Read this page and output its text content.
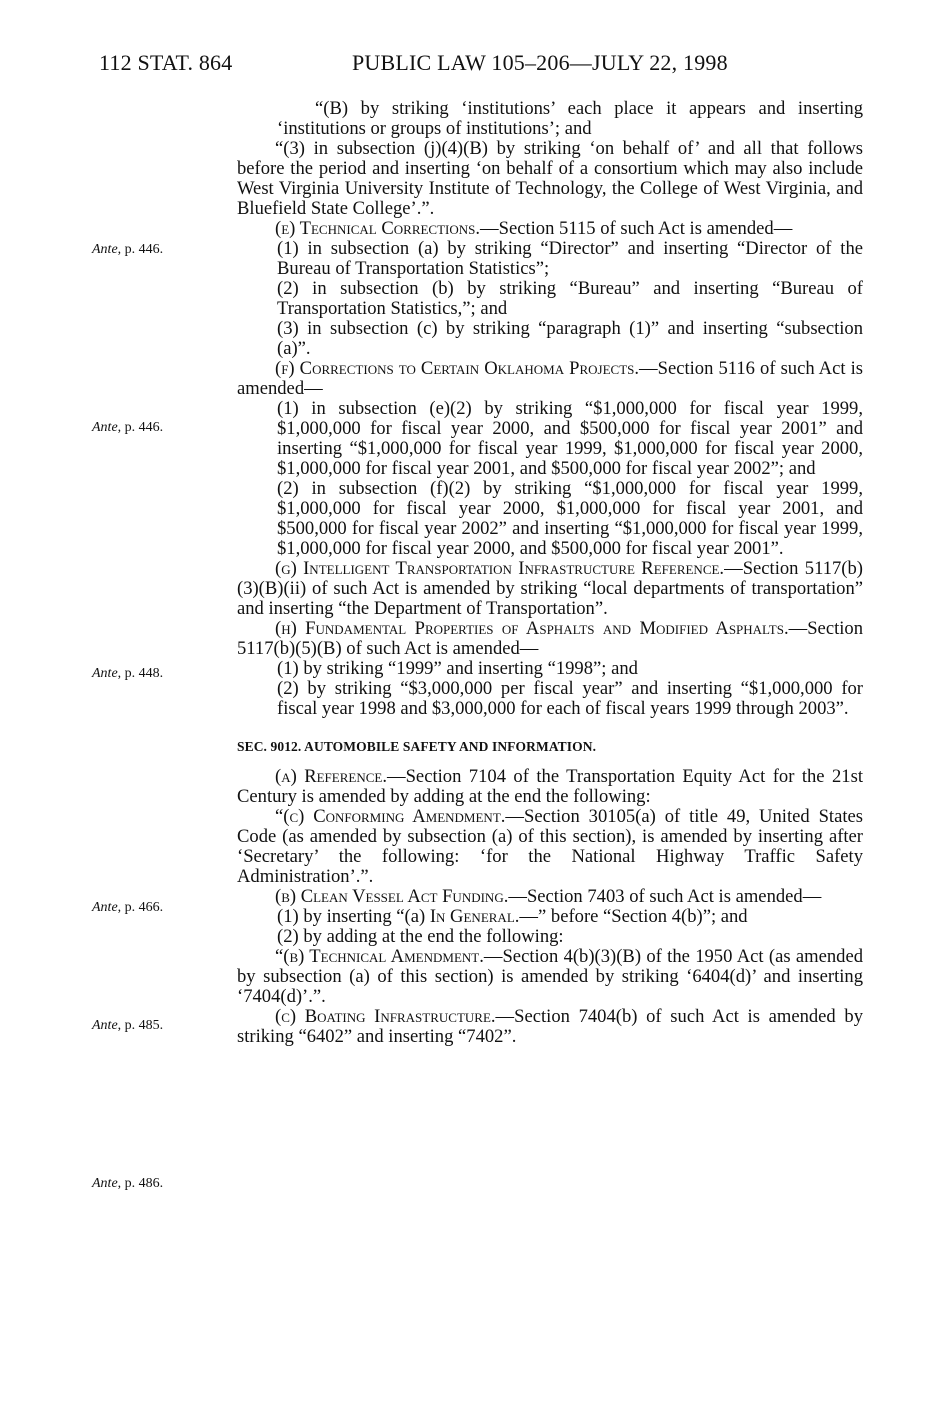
112 STAT. 864	PUBLIC LAW 105–206—JULY 22, 1998
Ante, p. 446.
Ante, p. 446.
Ante, p. 448.
Ante, p. 466.
Ante, p. 485.
Ante, p. 486.

“(B) by striking ‘institutions’ each place it appears and inserting ‘institutions or groups of institutions’; and

“(3) in subsection (j)(4)(B) by striking ‘on behalf of’ and all that follows before the period and inserting ‘on behalf of a consortium which may also include West Virginia University Institute of Technology, the College of West Virginia, and Bluefield State College’.”.

(e) Technical Corrections.—Section 5115 of such Act is amended—

(1) in subsection (a) by striking “Director” and inserting “Director of the Bureau of Transportation Statistics”;

(2) in subsection (b) by striking “Bureau” and inserting “Bureau of Transportation Statistics,”; and

(3) in subsection (c) by striking “paragraph (1)” and inserting “subsection (a)”.

(f) Corrections to Certain Oklahoma Projects.—Section 5116 of such Act is amended—

(1) in subsection (e)(2) by striking “$1,000,000 for fiscal year 1999, $1,000,000 for fiscal year 2000, and $500,000 for fiscal year 2001” and inserting “$1,000,000 for fiscal year 1999, $1,000,000 for fiscal year 2000, $1,000,000 for fiscal year 2001, and $500,000 for fiscal year 2002”; and

(2) in subsection (f)(2) by striking “$1,000,000 for fiscal year 1999, $1,000,000 for fiscal year 2000, $1,000,000 for fiscal year 2001, and $500,000 for fiscal year 2002” and inserting “$1,000,000 for fiscal year 1999, $1,000,000 for fiscal year 2000, and $500,000 for fiscal year 2001”.

(g) Intelligent Transportation Infrastructure Reference.—Section 5117(b)(3)(B)(ii) of such Act is amended by striking “local departments of transportation” and inserting “the Department of Transportation”.

(h) Fundamental Properties of Asphalts and Modified Asphalts.—Section 5117(b)(5)(B) of such Act is amended—

(1) by striking “1999” and inserting “1998”; and

(2) by striking “$3,000,000 per fiscal year” and inserting “$1,000,000 for fiscal year 1998 and $3,000,000 for each of fiscal years 1999 through 2003”.

SEC. 9012. AUTOMOBILE SAFETY AND INFORMATION.

(a) Reference.—Section 7104 of the Transportation Equity Act for the 21st Century is amended by adding at the end the following:

“(c) Conforming Amendment.—Section 30105(a) of title 49, United States Code (as amended by subsection (a) of this section), is amended by inserting after ‘Secretary’ the following: ‘for the National Highway Traffic Safety Administration’.”.

(b) Clean Vessel Act Funding.—Section 7403 of such Act is amended—

(1) by inserting “(a) In General.—” before “Section 4(b)”; and

(2) by adding at the end the following:

“(b) Technical Amendment.—Section 4(b)(3)(B) of the 1950 Act (as amended by subsection (a) of this section) is amended by striking ‘6404(d)’ and inserting ‘7404(d)’.”.

(c) Boating Infrastructure.—Section 7404(b) of such Act is amended by striking “6402” and inserting “7402”.
